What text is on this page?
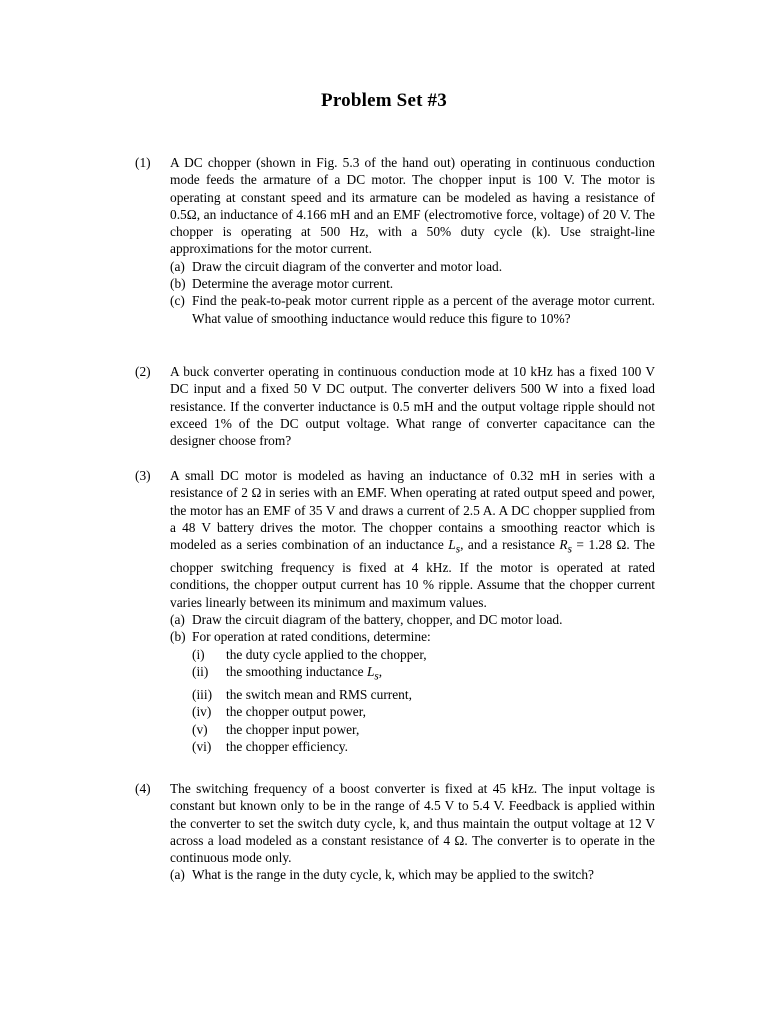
Problem Set #3
(1)	A DC chopper (shown in Fig. 5.3 of the hand out) operating in continuous conduction mode feeds the armature of a DC motor. The chopper input is 100 V. The motor is operating at constant speed and its armature can be modeled as having a resistance of 0.5Ω, an inductance of 4.166 mH and an EMF (electromotive force, voltage) of 20 V. The chopper is operating at 500 Hz, with a 50% duty cycle (k). Use straight-line approximations for the motor current.

(a) Draw the circuit diagram of the converter and motor load.
(b) Determine the average motor current.
(c) Find the peak-to-peak motor current ripple as a percent of the average motor current. What value of smoothing inductance would reduce this figure to 10%?
(2)	A buck converter operating in continuous conduction mode at 10 kHz has a fixed 100 V DC input and a fixed 50 V DC output. The converter delivers 500 W into a fixed load resistance. If the converter inductance is 0.5 mH and the output voltage ripple should not exceed 1% of the DC output voltage. What range of converter capacitance can the designer choose from?

(3)	A small DC motor is modeled as having an inductance of 0.32 mH in series with a resistance of 2 Ω in series with an EMF. When operating at rated output speed and power, the motor has an EMF of 35 V and draws a current of 2.5 A. A DC chopper supplied from a 48 V battery drives the motor. The chopper contains a smoothing reactor which is modeled as a series combination of an inductance $L_s$, and a resistance $R_s = 1.28$ Ω. The chopper switching frequency is fixed at 4 kHz. If the motor is operated at rated conditions, the chopper output current has 10 % ripple. Assume that the chopper current varies linearly between its minimum and maximum values.

(a) Draw the circuit diagram of the battery, chopper, and DC motor load.
(b) For operation at rated conditions, determine:
(i) the duty cycle applied to the chopper,
(ii) the smoothing inductance $L_s$,
(iii) the switch mean and RMS current,
(iv) the chopper output power,
(v) the chopper input power,
(vi) the chopper efficiency.
(4)	The switching frequency of a boost converter is fixed at 45 kHz. The input voltage is constant but known only to be in the range of 4.5 V to 5.4 V. Feedback is applied within the converter to set the switch duty cycle, k, and thus maintain the output voltage at 12 V across a load modeled as a constant resistance of 4 Ω. The converter is to operate in the continuous mode only.

(a) What is the range in the duty cycle, k, which may be applied to the switch?
